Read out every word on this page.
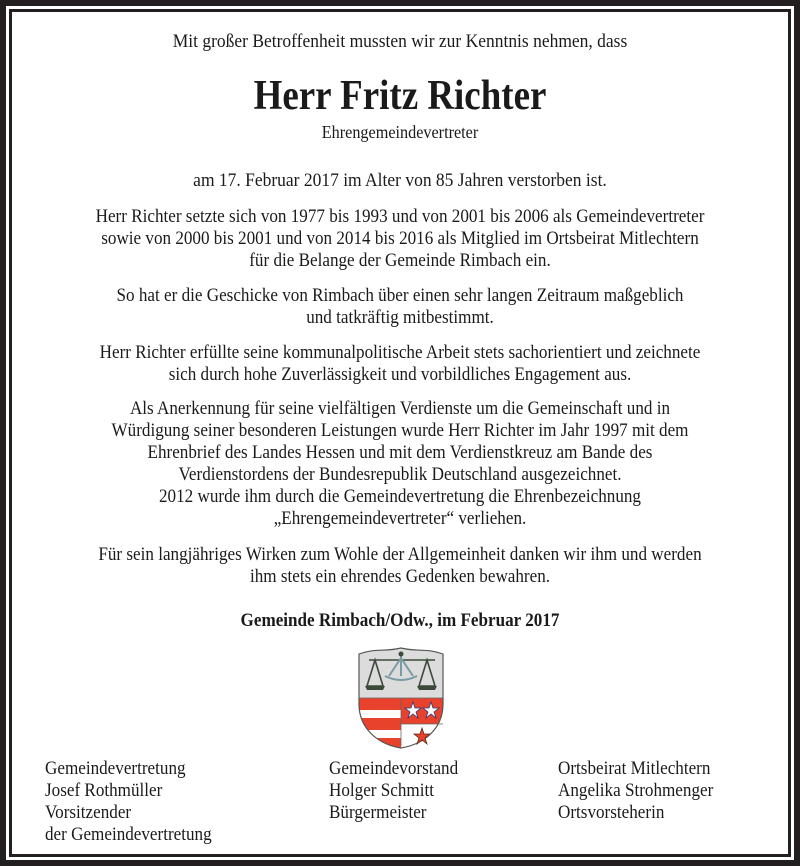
Mit großer Betroffenheit mussten wir zur Kenntnis nehmen, dass
Herr Fritz Richter
Ehrengemeindevertreter
am 17. Februar 2017 im Alter von 85 Jahren verstorben ist.
Herr Richter setzte sich von 1977 bis 1993 und von 2001 bis 2006 als Gemeindevertreter
sowie von 2000 bis 2001 und von 2014 bis 2016 als Mitglied im Ortsbeirat Mitlechtern
für die Belange der Gemeinde Rimbach ein.
So hat er die Geschicke von Rimbach über einen sehr langen Zeitraum maßgeblich
und tatkräftig mitbestimmt.
Herr Richter erfüllte seine kommunalpolitische Arbeit stets sachorientiert und zeichnete
sich durch hohe Zuverlässigkeit und vorbildliches Engagement aus.
Als Anerkennung für seine vielfältigen Verdienste um die Gemeinschaft und in
Würdigung seiner besonderen Leistungen wurde Herr Richter im Jahr 1997 mit dem
Ehrenbrief des Landes Hessen und mit dem Verdienstkreuz am Bande des
Verdienstordens der Bundesrepublik Deutschland ausgezeichnet.
2012 wurde ihm durch die Gemeindevertretung die Ehrenbezeichnung
„Ehrengemeindevertreter“ verliehen.
Für sein langjähriges Wirken zum Wohle der Allgemeinheit danken wir ihm und werden
ihm stets ein ehrendes Gedenken bewahren.
Gemeinde Rimbach/Odw., im Februar 2017
Gemeindevertretung
Josef Rothmüller
Vorsitzender
der Gemeindevertretung
Gemeindevorstand
Holger Schmitt
Bürgermeister
Ortsbeirat Mitlechtern
Angelika Strohmenger
Ortsvorsteherin
